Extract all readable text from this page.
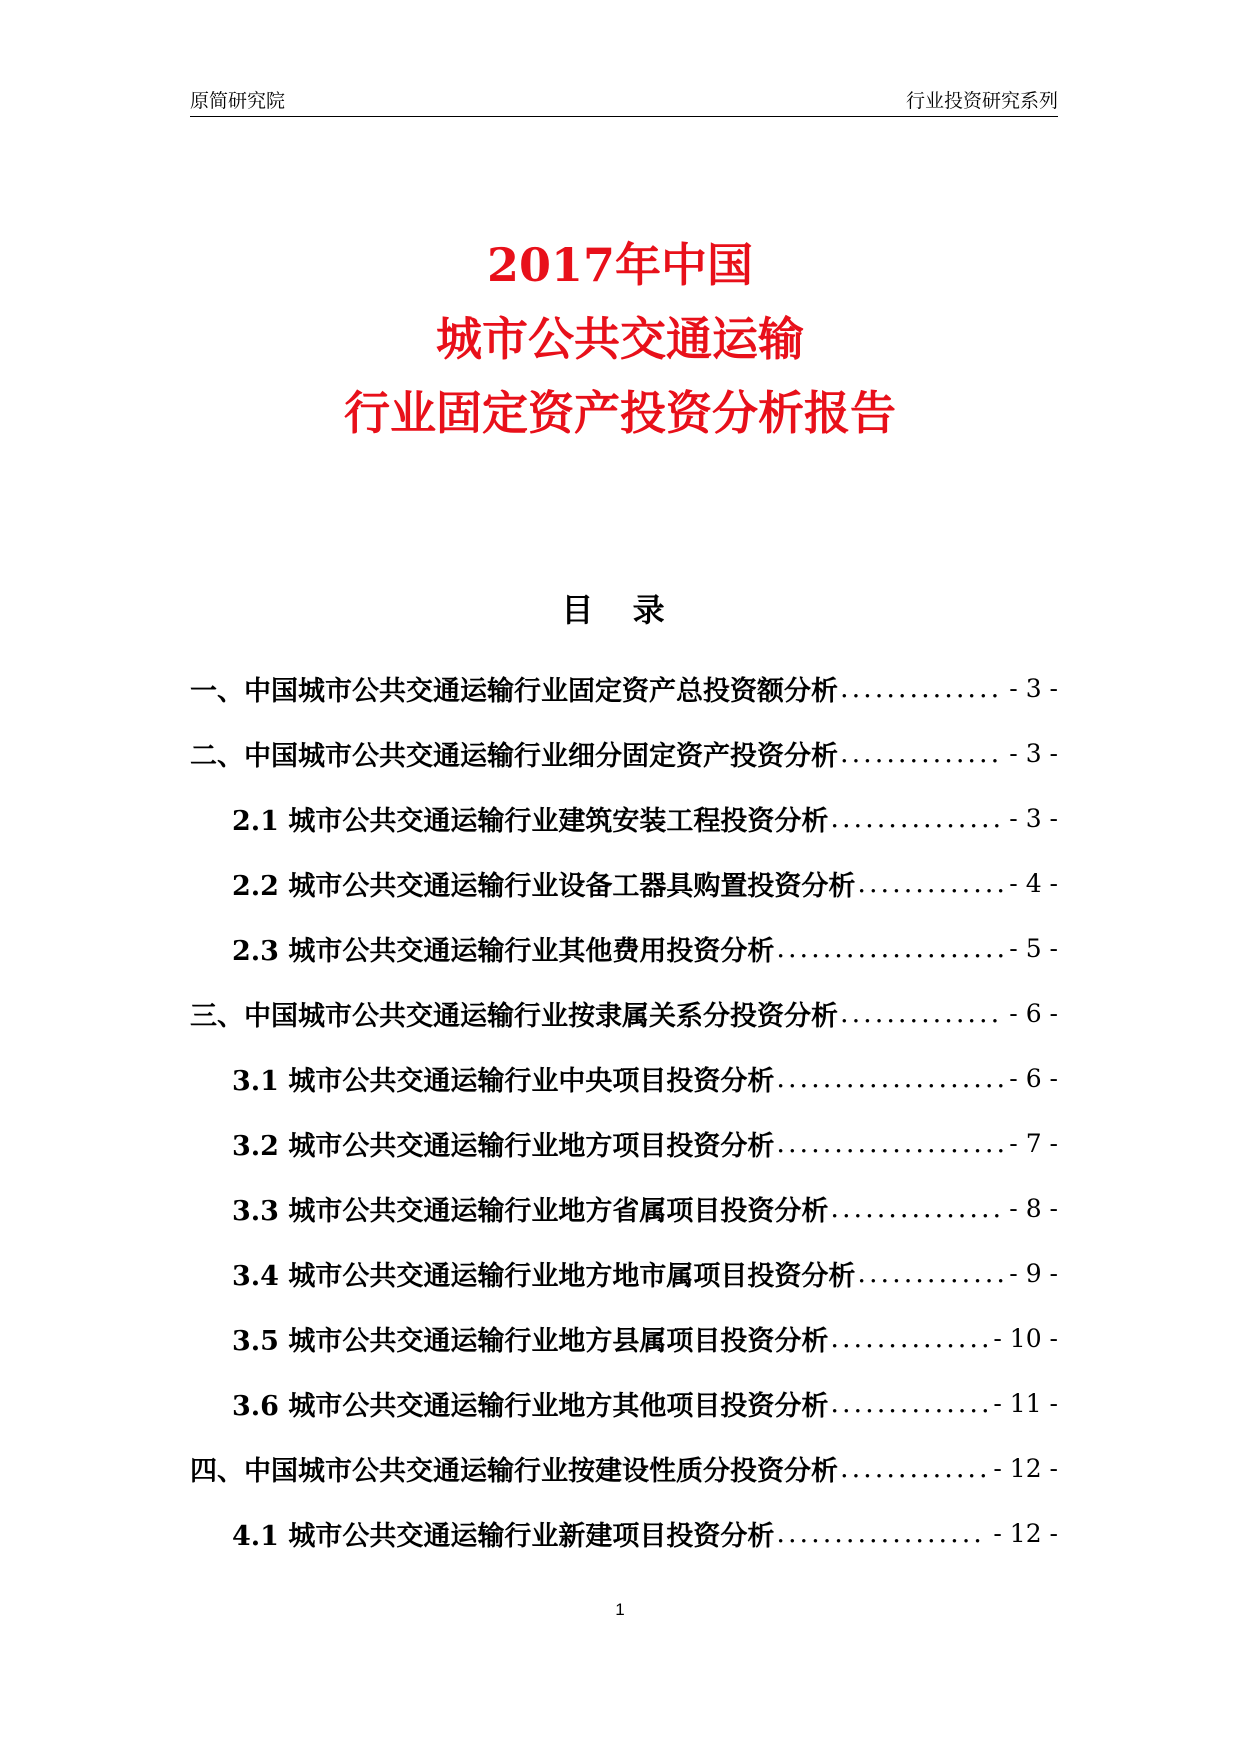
原简研究院	行业投资研究系列
2017年中国
城市公共交通运输
行业固定资产投资分析报告
目 录
一、中国城市公共交通运输行业固定资产总投资额分析 .....	- 3 -
二、中国城市公共交通运输行业细分固定资产投资分析 .....	- 3 -
2.1 城市公共交通运输行业建筑安装工程投资分析 .....	- 3 -
2.2 城市公共交通运输行业设备工器具购置投资分析 .....	- 4 -
2.3 城市公共交通运输行业其他费用投资分析 .....	- 5 -
三、中国城市公共交通运输行业按隶属关系分投资分析 .....	- 6 -
3.1 城市公共交通运输行业中央项目投资分析 .....	- 6 -
3.2 城市公共交通运输行业地方项目投资分析 .....	- 7 -
3.3 城市公共交通运输行业地方省属项目投资分析 .....	- 8 -
3.4 城市公共交通运输行业地方地市属项目投资分析 .....	- 9 -
3.5 城市公共交通运输行业地方县属项目投资分析 .....	- 10 -
3.6 城市公共交通运输行业地方其他项目投资分析 .....	- 11 -
四、中国城市公共交通运输行业按建设性质分投资分析 .....	- 12 -
4.1 城市公共交通运输行业新建项目投资分析 .....	- 12 -
1
